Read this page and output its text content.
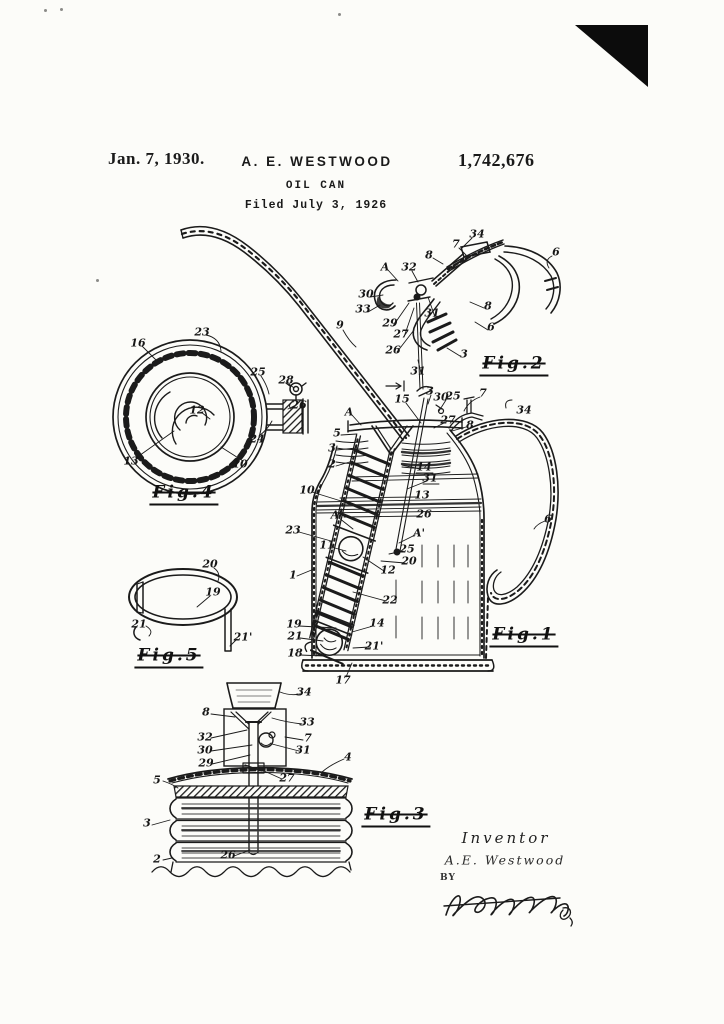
Jan. 7, 1930.	A. E. WESTWOOD	1,742,676
OIL CAN
Filed July 3, 1926
Fig.2
Fig.4
Fig.5
Fig.1
Fig.3
9
15
3 30
25 7
34
A
27 8
5
3
2	14
31
10	13
26
A
23	A'
11	25
20
12
1
22
19	14
21
21'
18
17
6
34
7
8	6
A 32
30
33
29
27
26
31
8
6
3
31
34
8
33
32	7
30	31
29
27
4
5
3
2	26
16
23
25
28
26
24
12
13	10
20
19
21
21'
Inventor
A.E. Westwood
BY
